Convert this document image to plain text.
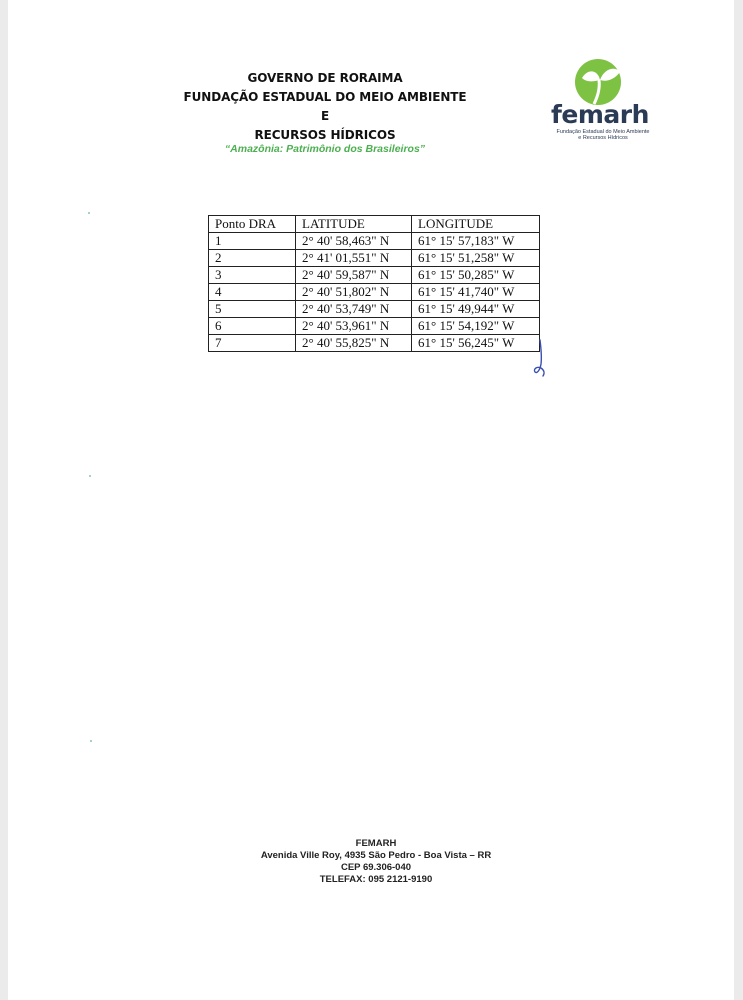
GOVERNO DE RORAIMA
FUNDAÇÃO ESTADUAL DO MEIO AMBIENTE E
RECURSOS HÍDRICOS
“Amazônia: Patrimônio dos Brasileiros”
femarh
Fundação Estadual do Meio Ambiente
e Recursos Hídricos
Ponto DRA	LATITUDE	LONGITUDE
1	2° 40' 58,463" N	61° 15' 57,183" W
2	2° 41' 01,551" N	61° 15' 51,258" W
3	2° 40' 59,587" N	61° 15' 50,285" W
4	2° 40' 51,802" N	61° 15' 41,740" W
5	2° 40' 53,749" N	61° 15' 49,944" W
6	2° 40' 53,961" N	61° 15' 54,192" W
7	2° 40' 55,825" N	61° 15' 56,245" W
FEMARH
Avenida Ville Roy, 4935 São Pedro - Boa Vista – RR
CEP 69.306-040
TELEFAX: 095 2121-9190
